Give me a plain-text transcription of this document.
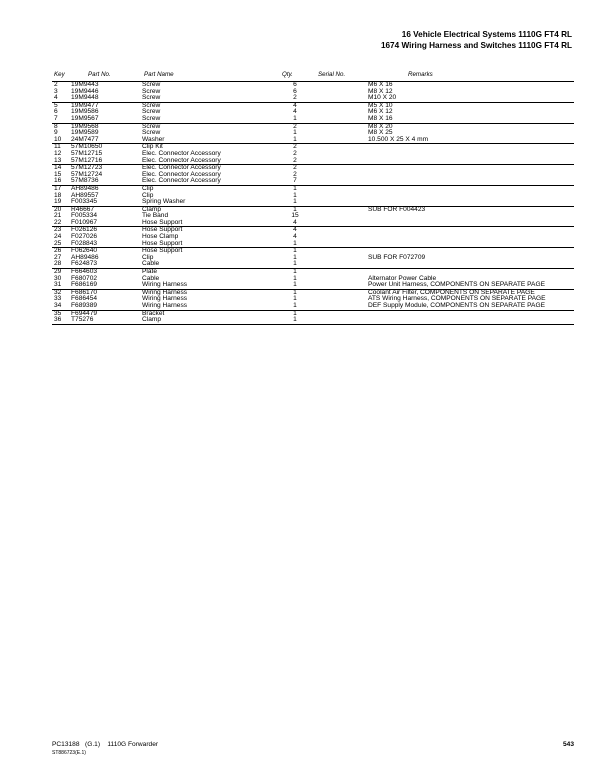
16 Vehicle Electrical Systems 1110G FT4 RL
1674 Wiring Harness and Switches 1110G FT4 RL
Key	Part No.	Part Name	Qty.	Serial No.	Remarks
2 19M9443	Screw	6	M6 X 16
3 19M9446	Screw	6	M8 X 12
4 19M9448	Screw	2	M10 X 20
5 19M9477	Screw	4	M5 X 10
6 19M9586	Screw	4	M6 X 12
7 19M9567	Screw	1	M8 X 16
8 19M9568	Screw	2	M8 X 20
9 19M9589	Screw	1	M8 X 25
10 24M7477	Washer	1	10.500 X 25 X 4 mm
11 57M10650	Clip Kit	2
12 57M12715	Elec. Connector Accessory	2
13 57M12716	Elec. Connector Accessory	2
14 57M12723	Elec. Connector Accessory	2
15 57M12724	Elec. Connector Accessory	2
16 57M8736	Elec. Connector Accessory	7
17 AH89486	Clip	1
18 AH89557	Clip	1
19 F003345	Spring Washer	1
20 R46667	Clamp	1	SUB FOR F004423
21 F005334	Tie Band	15
22 F010967	Hose Support	4
23 F026126	Hose Support	4
24 F027026	Hose Clamp	4
25 F028843	Hose Support	1
26 F062640	Hose Support	1
27 AH89486	Clip	1	SUB FOR F072709
28 F624873	Cable	1
29 F664603	Plate	1
30 F680702	Cable	1	Alternator Power Cable
31 F686169	Wiring Harness	1	Power Unit Harness, COMPONENTS ON SEPARATE PAGE
32 F686170	Wiring Harness	1	Coolant Air Filter, COMPONENTS ON SEPARATE PAGE
33 F686454	Wiring Harness	1	ATS Wiring Harness, COMPONENTS ON SEPARATE PAGE
34 F689389	Wiring Harness	1	DEF Supply Module, COMPONENTS ON SEPARATE PAGE
35 F694479	Bracket	1
36 T75276	Clamp	1
PC13188 (G.1) 1110G Forwarder	543
ST886723(E.1)
